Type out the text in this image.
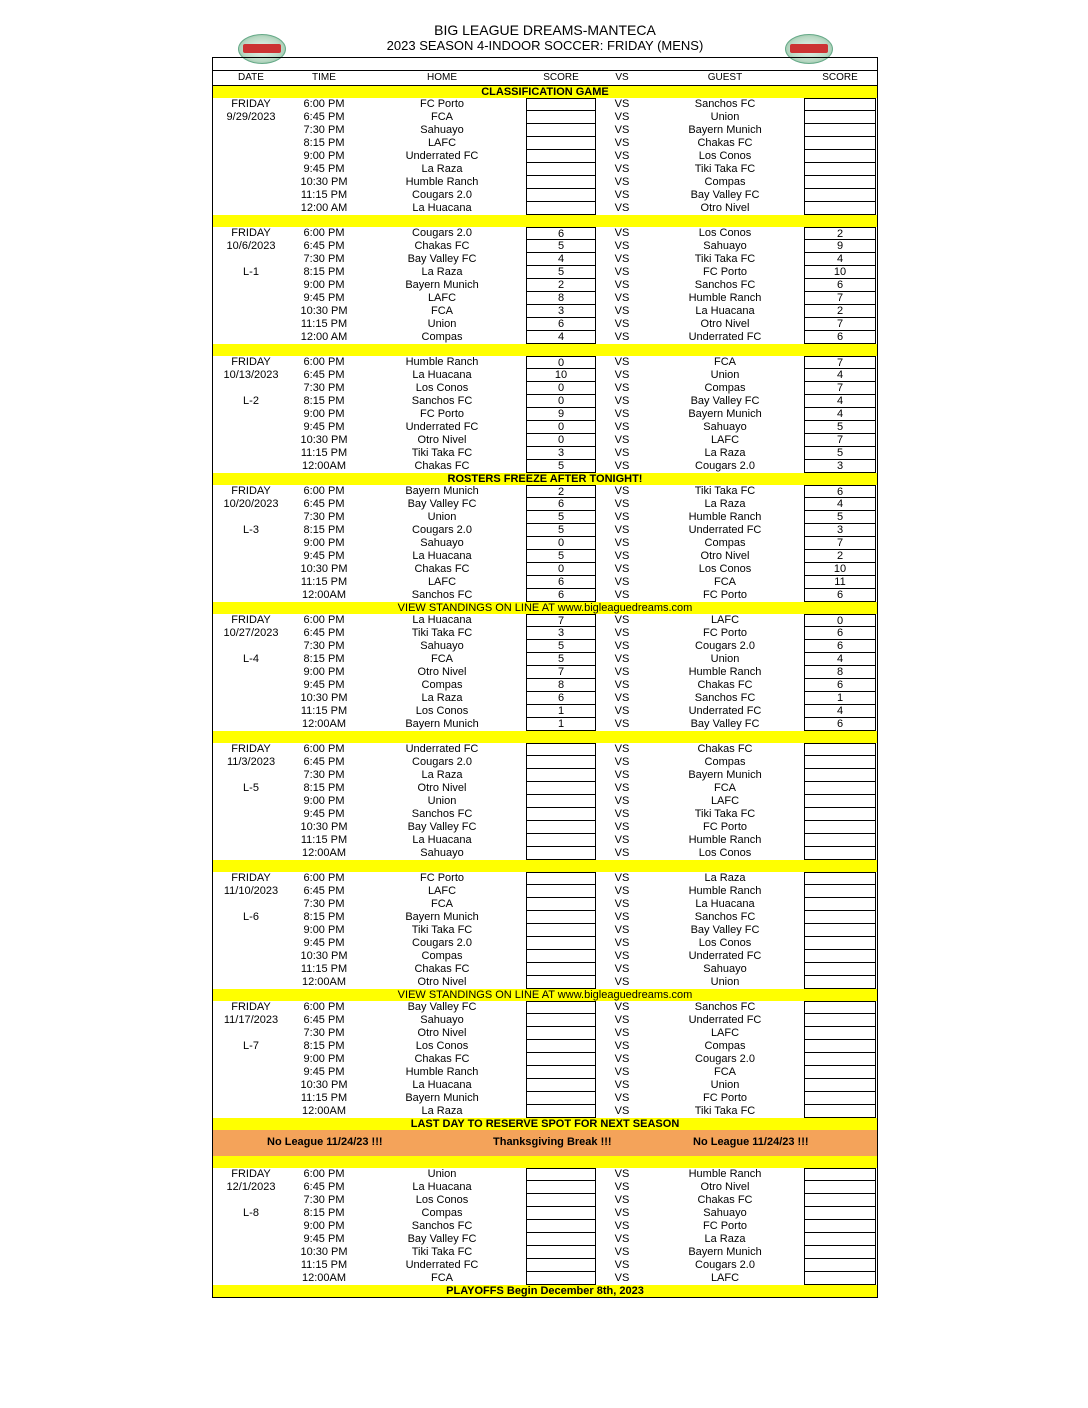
BIG LEAGUE DREAMS-MANTECA
2023 SEASON 4-INDOOR SOCCER: FRIDAY (MENS)
DATE	TIME	HOME	SCORE	VS	GUEST	SCORE
CLASSIFICATION GAME
FRIDAY	6:00 PM	FC Porto	VS	Sanchos FC
9/29/2023	6:45 PM	FCA	VS	Union
7:30 PM	Sahuayo	VS	Bayern Munich
8:15 PM	LAFC	VS	Chakas FC
9:00 PM	Underrated FC	VS	Los Conos
9:45 PM	La Raza	VS	Tiki Taka FC
10:30 PM	Humble Ranch	VS	Compas
11:15 PM	Cougars 2.0	VS	Bay Valley FC
12:00 AM	La Huacana	VS	Otro Nivel
FRIDAY	6:00 PM	Cougars 2.0	6	VS	Los Conos	2
10/6/2023	6:45 PM	Chakas FC	5	VS	Sahuayo	9
7:30 PM	Bay Valley FC	4	VS	Tiki Taka FC	4
L-1	8:15 PM	La Raza	5	VS	FC Porto	10
9:00 PM	Bayern Munich	2	VS	Sanchos FC	6
9:45 PM	LAFC	8	VS	Humble Ranch	7
10:30 PM	FCA	3	VS	La Huacana	2
11:15 PM	Union	6	VS	Otro Nivel	7
12:00 AM	Compas	4	VS	Underrated FC	6
FRIDAY	6:00 PM	Humble Ranch	0	VS	FCA	7
10/13/2023	6:45 PM	La Huacana	10	VS	Union	4
7:30 PM	Los Conos	0	VS	Compas	7
L-2	8:15 PM	Sanchos FC	0	VS	Bay Valley FC	4
9:00 PM	FC Porto	9	VS	Bayern Munich	4
9:45 PM	Underrated FC	0	VS	Sahuayo	5
10:30 PM	Otro Nivel	0	VS	LAFC	7
11:15 PM	Tiki Taka FC	3	VS	La Raza	5
12:00AM	Chakas FC	5	VS	Cougars 2.0	3
ROSTERS FREEZE AFTER TONIGHT!
FRIDAY	6:00 PM	Bayern Munich	2	VS	Tiki Taka FC	6
10/20/2023	6:45 PM	Bay Valley FC	6	VS	La Raza	4
7:30 PM	Union	5	VS	Humble Ranch	5
L-3	8:15 PM	Cougars 2.0	5	VS	Underrated FC	3
9:00 PM	Sahuayo	0	VS	Compas	7
9:45 PM	La Huacana	5	VS	Otro Nivel	2
10:30 PM	Chakas FC	0	VS	Los Conos	10
11:15 PM	LAFC	6	VS	FCA	11
12:00AM	Sanchos FC	6	VS	FC Porto	6
VIEW STANDINGS ON LINE AT www.bigleaguedreams.com
FRIDAY	6:00 PM	La Huacana	7	VS	LAFC	0
10/27/2023	6:45 PM	Tiki Taka FC	3	VS	FC Porto	6
7:30 PM	Sahuayo	5	VS	Cougars 2.0	6
L-4	8:15 PM	FCA	5	VS	Union	4
9:00 PM	Otro Nivel	7	VS	Humble Ranch	8
9:45 PM	Compas	8	VS	Chakas FC	6
10:30 PM	La Raza	6	VS	Sanchos FC	1
11:15 PM	Los Conos	1	VS	Underrated FC	4
12:00AM	Bayern Munich	1	VS	Bay Valley FC	6
FRIDAY	6:00 PM	Underrated FC	VS	Chakas FC
11/3/2023	6:45 PM	Cougars 2.0	VS	Compas
7:30 PM	La Raza	VS	Bayern Munich
L-5	8:15 PM	Otro Nivel	VS	FCA
9:00 PM	Union	VS	LAFC
9:45 PM	Sanchos FC	VS	Tiki Taka FC
10:30 PM	Bay Valley FC	VS	FC Porto
11:15 PM	La Huacana	VS	Humble Ranch
12:00AM	Sahuayo	VS	Los Conos
FRIDAY	6:00 PM	FC Porto	VS	La Raza
11/10/2023	6:45 PM	LAFC	VS	Humble Ranch
7:30 PM	FCA	VS	La Huacana
L-6	8:15 PM	Bayern Munich	VS	Sanchos FC
9:00 PM	Tiki Taka FC	VS	Bay Valley FC
9:45 PM	Cougars 2.0	VS	Los Conos
10:30 PM	Compas	VS	Underrated FC
11:15 PM	Chakas FC	VS	Sahuayo
12:00AM	Otro Nivel	VS	Union
VIEW STANDINGS ON LINE AT www.bigleaguedreams.com
FRIDAY	6:00 PM	Bay Valley FC	VS	Sanchos FC
11/17/2023	6:45 PM	Sahuayo	VS	Underrated FC
7:30 PM	Otro Nivel	VS	LAFC
L-7	8:15 PM	Los Conos	VS	Compas
9:00 PM	Chakas FC	VS	Cougars 2.0
9:45 PM	Humble Ranch	VS	FCA
10:30 PM	La Huacana	VS	Union
11:15 PM	Bayern Munich	VS	FC Porto
12:00AM	La Raza	VS	Tiki Taka FC
LAST DAY TO RESERVE SPOT FOR NEXT SEASON
No League 11/24/23 !!!	Thanksgiving Break !!!	No League 11/24/23 !!!
FRIDAY	6:00 PM	Union	VS	Humble Ranch
12/1/2023	6:45 PM	La Huacana	VS	Otro Nivel
7:30 PM	Los Conos	VS	Chakas FC
L-8	8:15 PM	Compas	VS	Sahuayo
9:00 PM	Sanchos FC	VS	FC Porto
9:45 PM	Bay Valley FC	VS	La Raza
10:30 PM	Tiki Taka FC	VS	Bayern Munich
11:15 PM	Underrated FC	VS	Cougars 2.0
12:00AM	FCA	VS	LAFC
PLAYOFFS Begin December 8th, 2023
